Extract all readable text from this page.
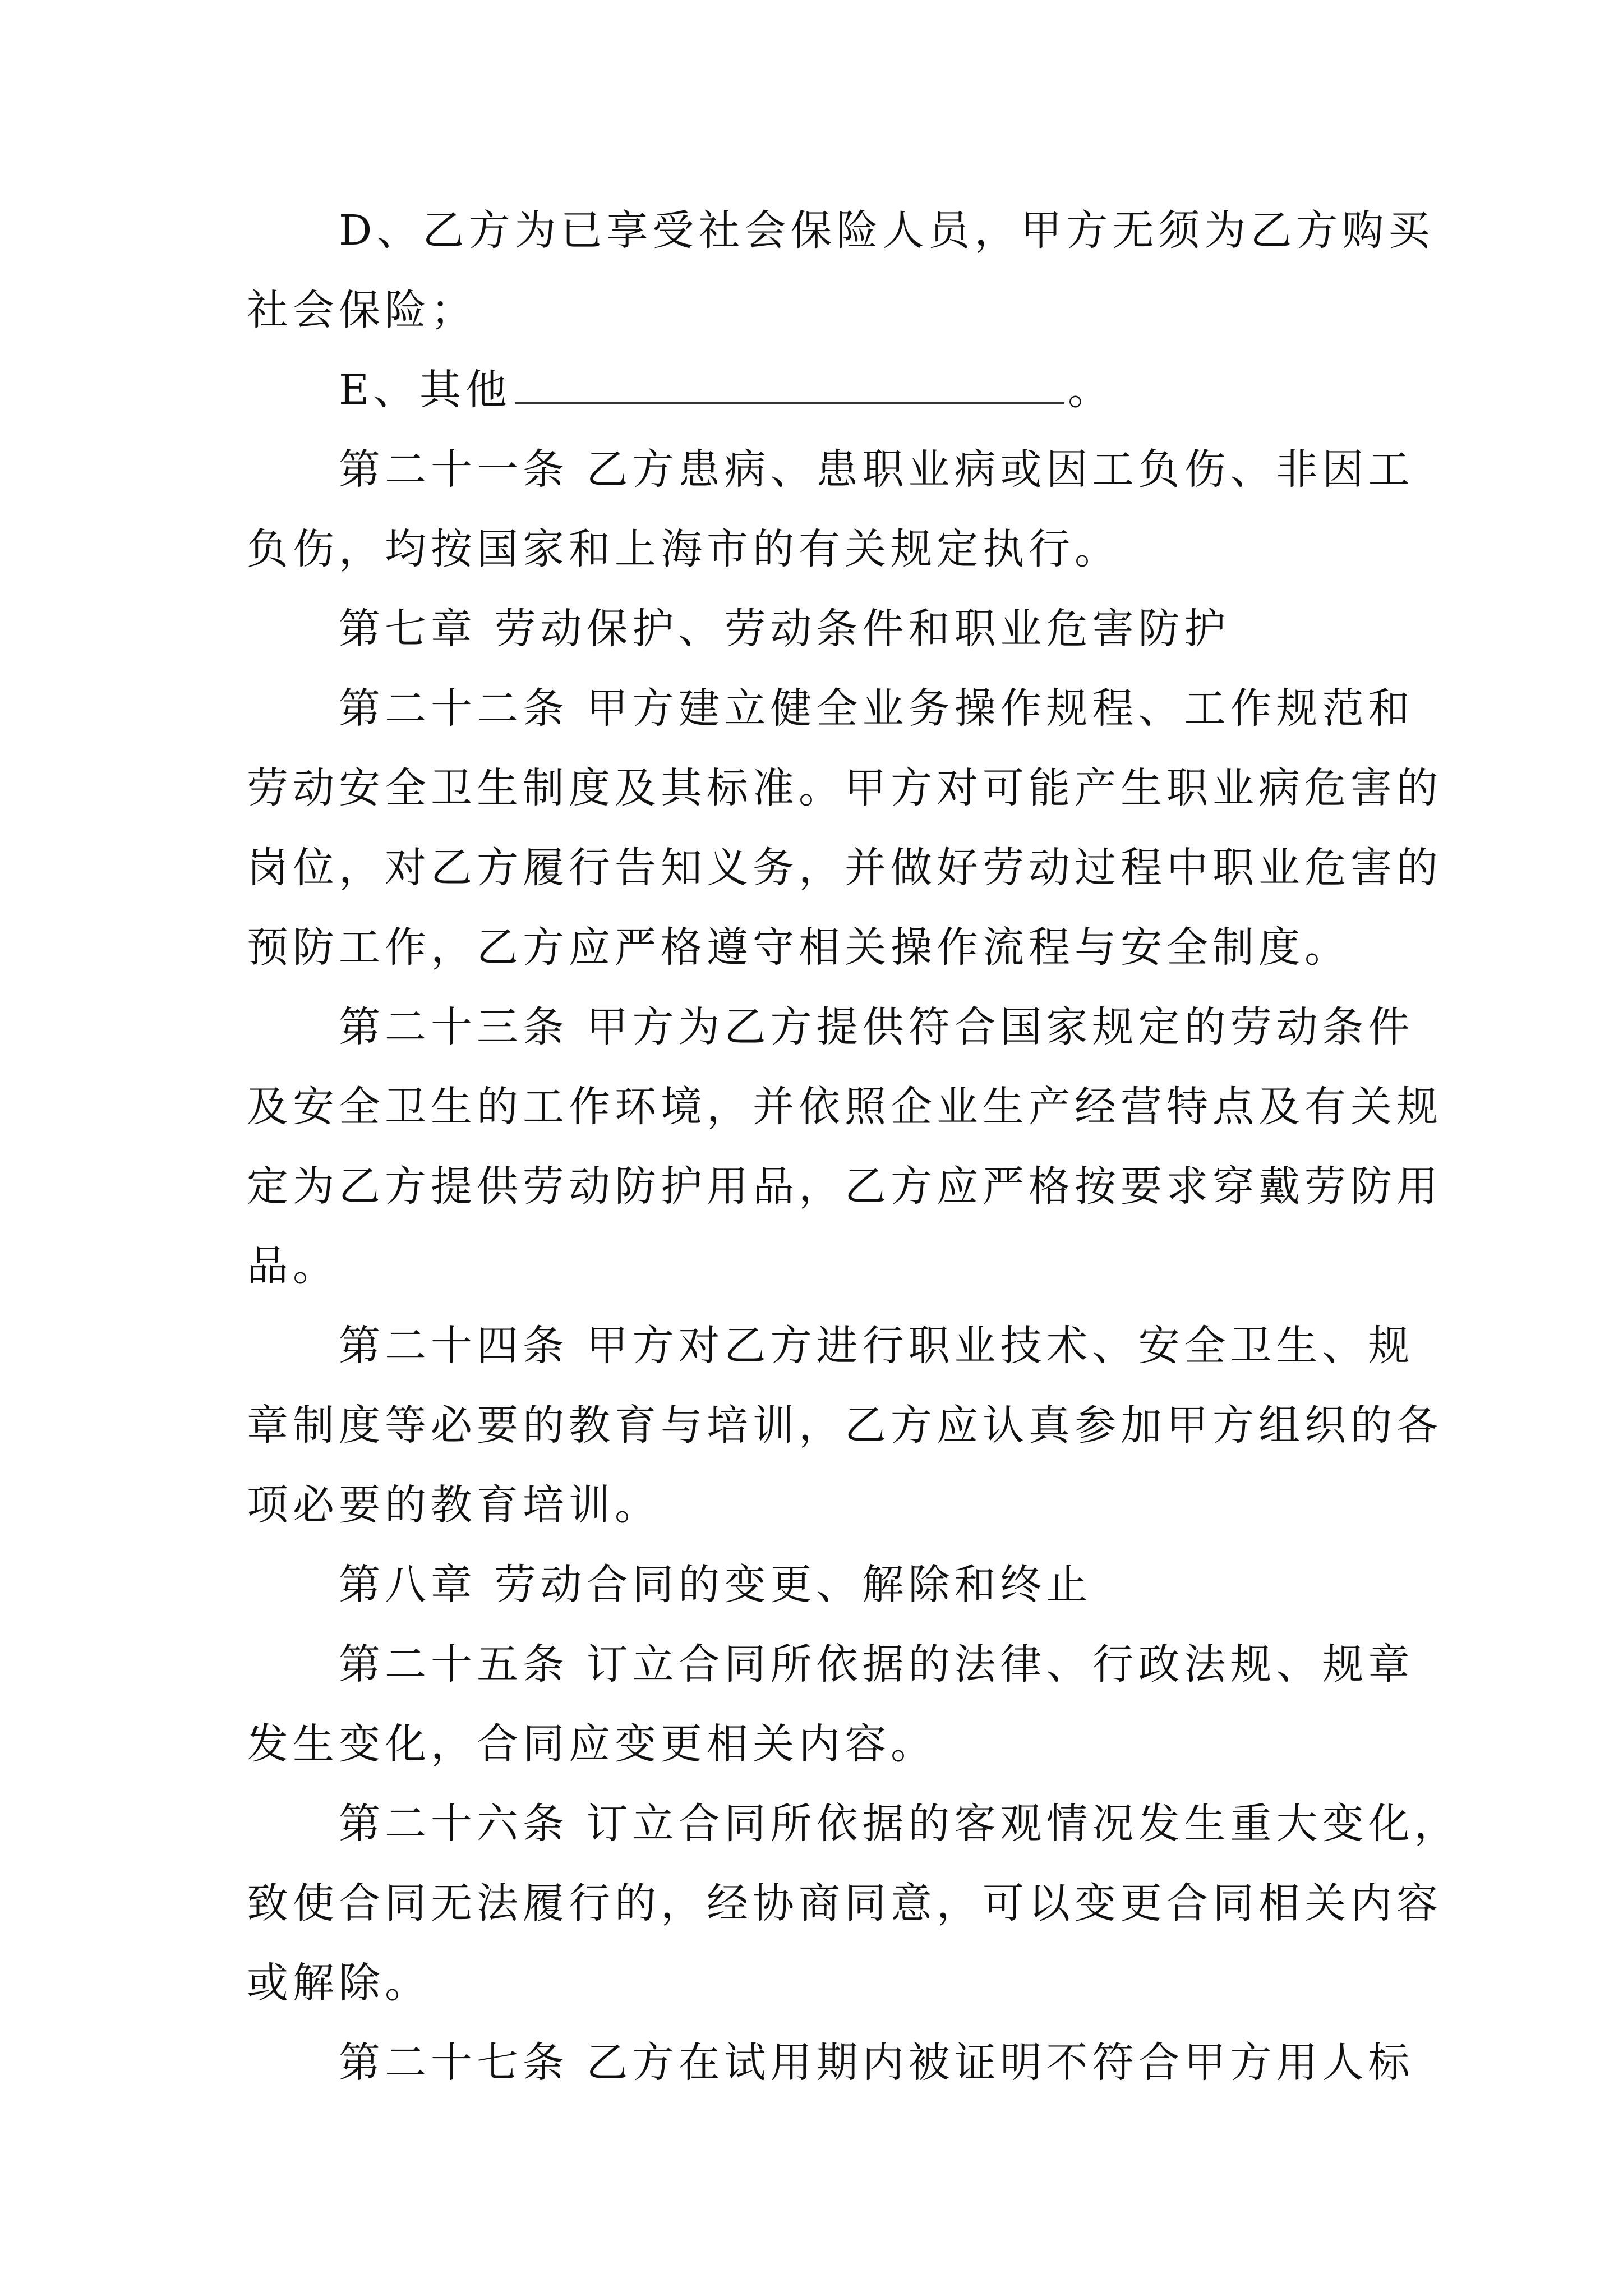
D、乙方为已享受社会保险人员，甲方无须为乙方购买
社会保险；

E、其他	。

第二十一条 乙方患病、患职业病或因工负伤、非因工
负伤，均按国家和上海市的有关规定执行。

第七章 劳动保护、劳动条件和职业危害防护

第二十二条 甲方建立健全业务操作规程、工作规范和
劳动安全卫生制度及其标准。甲方对可能产生职业病危害的
岗位，对乙方履行告知义务，并做好劳动过程中职业危害的
预防工作，乙方应严格遵守相关操作流程与安全制度。

第二十三条 甲方为乙方提供符合国家规定的劳动条件
及安全卫生的工作环境，并依照企业生产经营特点及有关规
定为乙方提供劳动防护用品，乙方应严格按要求穿戴劳防用
品。

第二十四条 甲方对乙方进行职业技术、安全卫生、规
章制度等必要的教育与培训，乙方应认真参加甲方组织的各
项必要的教育培训。

第八章 劳动合同的变更、解除和终止

第二十五条 订立合同所依据的法律、行政法规、规章
发生变化，合同应变更相关内容。

第二十六条 订立合同所依据的客观情况发生重大变化，
致使合同无法履行的，经协商同意，可以变更合同相关内容
或解除。

第二十七条 乙方在试用期内被证明不符合甲方用人标
